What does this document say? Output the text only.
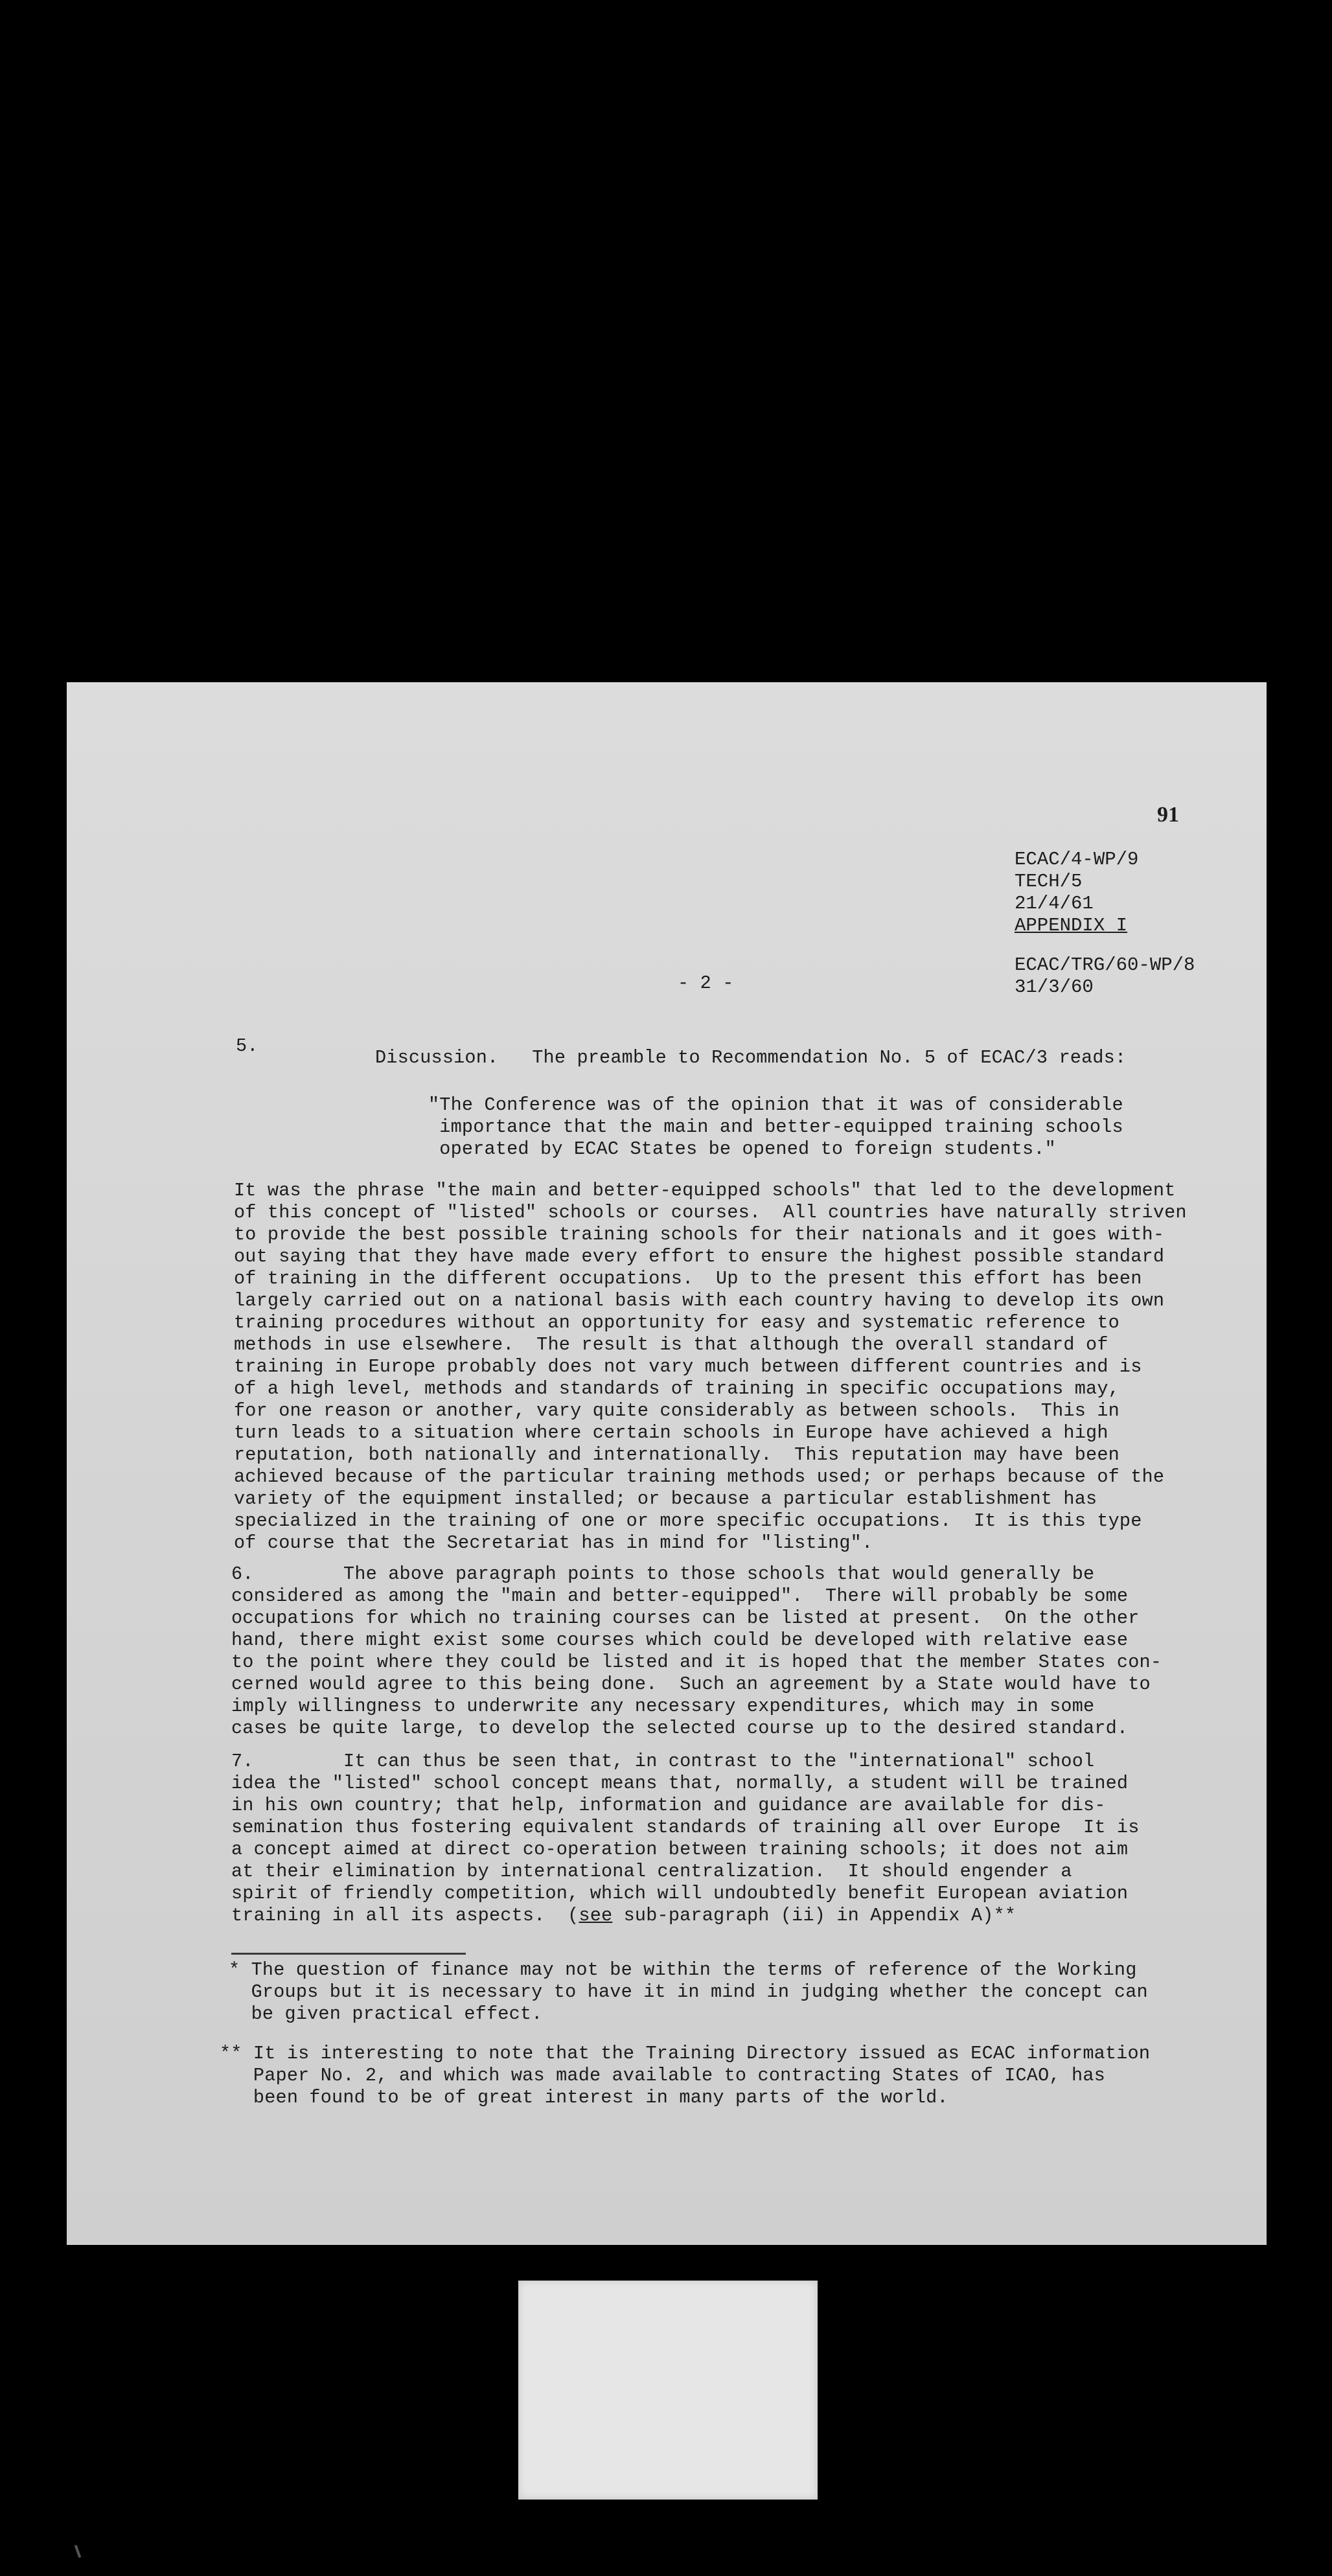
91
ECAC/4-WP/9
TECH/5
21/4/61
APPENDIX I
ECAC/TRG/60-WP/8
31/3/60
- 2 -
5.
Discussion.   The preamble to Recommendation No. 5 of ECAC/3 reads:
"The Conference was of the opinion that it was of considerable
importance that the main and better-equipped training schools
operated by ECAC States be opened to foreign students."
It was the phrase "the main and better-equipped schools" that led to the development
of this concept of "listed" schools or courses.  All countries have naturally striven
to provide the best possible training schools for their nationals and it goes with-
out saying that they have made every effort to ensure the highest possible standard
of training in the different occupations.  Up to the present this effort has been
largely carried out on a national basis with each country having to develop its own
training procedures without an opportunity for easy and systematic reference to
methods in use elsewhere.  The result is that although the overall standard of
training in Europe probably does not vary much between different countries and is
of a high level, methods and standards of training in specific occupations may,
for one reason or another, vary quite considerably as between schools.  This in
turn leads to a situation where certain schools in Europe have achieved a high
reputation, both nationally and internationally.  This reputation may have been
achieved because of the particular training methods used; or perhaps because of the
variety of the equipment installed; or because a particular establishment has
specialized in the training of one or more specific occupations.  It is this type
of course that the Secretariat has in mind for "listing".
6.        The above paragraph points to those schools that would generally be
considered as among the "main and better-equipped".  There will probably be some
occupations for which no training courses can be listed at present.  On the other
hand, there might exist some courses which could be developed with relative ease
to the point where they could be listed and it is hoped that the member States con-
cerned would agree to this being done.  Such an agreement by a State would have to
imply willingness to underwrite any necessary expenditures, which may in some
cases be quite large, to develop the selected course up to the desired standard.
7.        It can thus be seen that, in contrast to the "international" school
idea the "listed" school concept means that, normally, a student will be trained
in his own country; that help, information and guidance are available for dis-
semination thus fostering equivalent standards of training all over Europe  It is
a concept aimed at direct co-operation between training schools; it does not aim
at their elimination by international centralization.  It should engender a
spirit of friendly competition, which will undoubtedly benefit European aviation
training in all its aspects.  (see sub-paragraph (ii) in Appendix A)**
* The question of finance may not be within the terms of reference of the Working
Groups but it is necessary to have it in mind in judging whether the concept can
be given practical effect.
** It is interesting to note that the Training Directory issued as ECAC information
Paper No. 2, and which was made available to contracting States of ICAO, has
been found to be of great interest in many parts of the world.
